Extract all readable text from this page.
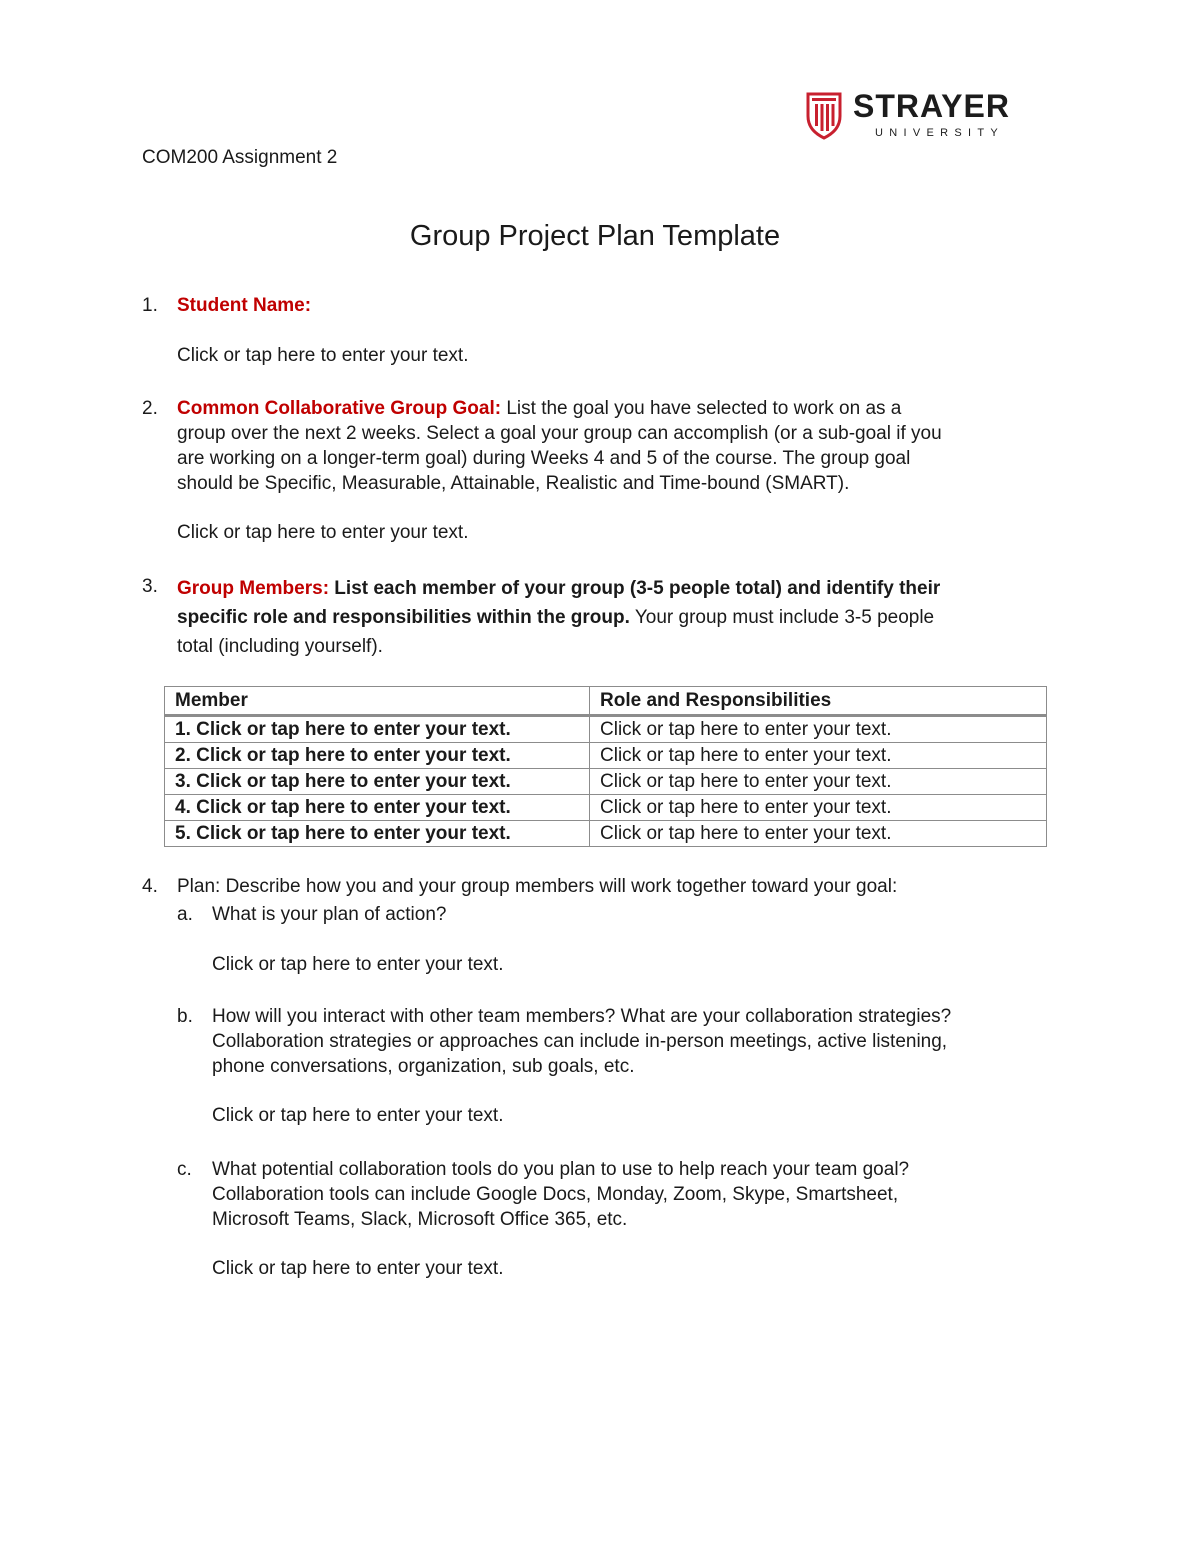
STRAYER
UNIVERSITY
COM200 Assignment 2
Group Project Plan Template
1. Student Name:
Click or tap here to enter your text.
2. Common Collaborative Group Goal: List the goal you have selected to work on as a

group over the next 2 weeks. Select a goal your group can accomplish (or a sub-goal if you

are working on a longer-term goal) during Weeks 4 and 5 of the course. The group goal

should be Specific, Measurable, Attainable, Realistic and Time-bound (SMART).

Click or tap here to enter your text.
3. Group Members: List each member of your group (3-5 people total) and identify their

specific role and responsibilities within the group. Your group must include 3-5 people

total (including yourself).

Member	Role and Responsibilities
1. Click or tap here to enter your text.	Click or tap here to enter your text.
2. Click or tap here to enter your text.	Click or tap here to enter your text.
3. Click or tap here to enter your text.	Click or tap here to enter your text.
4. Click or tap here to enter your text.	Click or tap here to enter your text.
5. Click or tap here to enter your text.	Click or tap here to enter your text.
4. Plan: Describe how you and your group members will work together toward your goal:
a. What is your plan of action?
Click or tap here to enter your text.
b. How will you interact with other team members? What are your collaboration strategies?

Collaboration strategies or approaches can include in-person meetings, active listening,

phone conversations, organization, sub goals, etc.

Click or tap here to enter your text.
c. What potential collaboration tools do you plan to use to help reach your team goal?

Collaboration tools can include Google Docs, Monday, Zoom, Skype, Smartsheet,

Microsoft Teams, Slack, Microsoft Office 365, etc.

Click or tap here to enter your text.
